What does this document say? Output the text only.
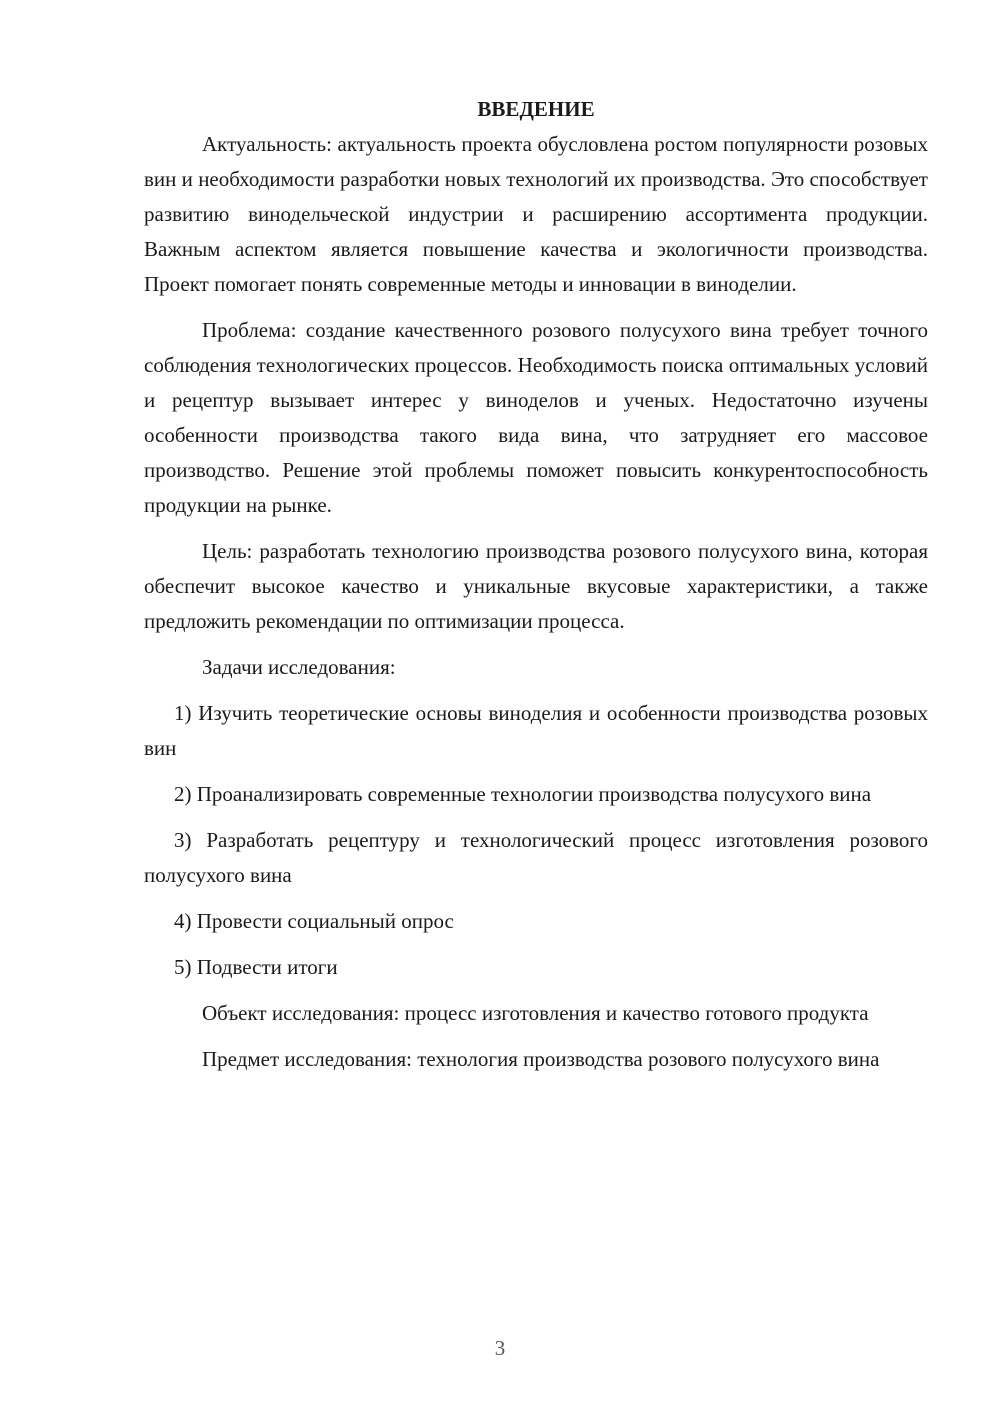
ВВЕДЕНИЕ

Актуальность: актуальность проекта обусловлена ростом популярности розовых вин и необходимости разработки новых технологий их производства. Это способствует развитию винодельческой индустрии и расширению ассортимента продукции. Важным аспектом является повышение качества и экологичности производства. Проект помогает понять современные методы и инновации в виноделии.

Проблема: создание качественного розового полусухого вина требует точного соблюдения технологических процессов. Необходимость поиска оптимальных условий и рецептур вызывает интерес у виноделов и ученых. Недостаточно изучены особенности производства такого вида вина, что затрудняет его массовое производство. Решение этой проблемы поможет повысить конкурентоспособность продукции на рынке.

Цель: разработать технологию производства розового полусухого вина, которая обеспечит высокое качество и уникальные вкусовые характеристики, а также предложить рекомендации по оптимизации процесса.

Задачи исследования:

1) Изучить теоретические основы виноделия и особенности производства розовых вин

2) Проанализировать современные технологии производства полусухого вина

3) Разработать рецептуру и технологический процесс изготовления розового полусухого вина

4) Провести социальный опрос

5) Подвести итоги

Объект исследования: процесс изготовления и качество готового продукта

Предмет исследования: технология производства розового полусухого вина

3
